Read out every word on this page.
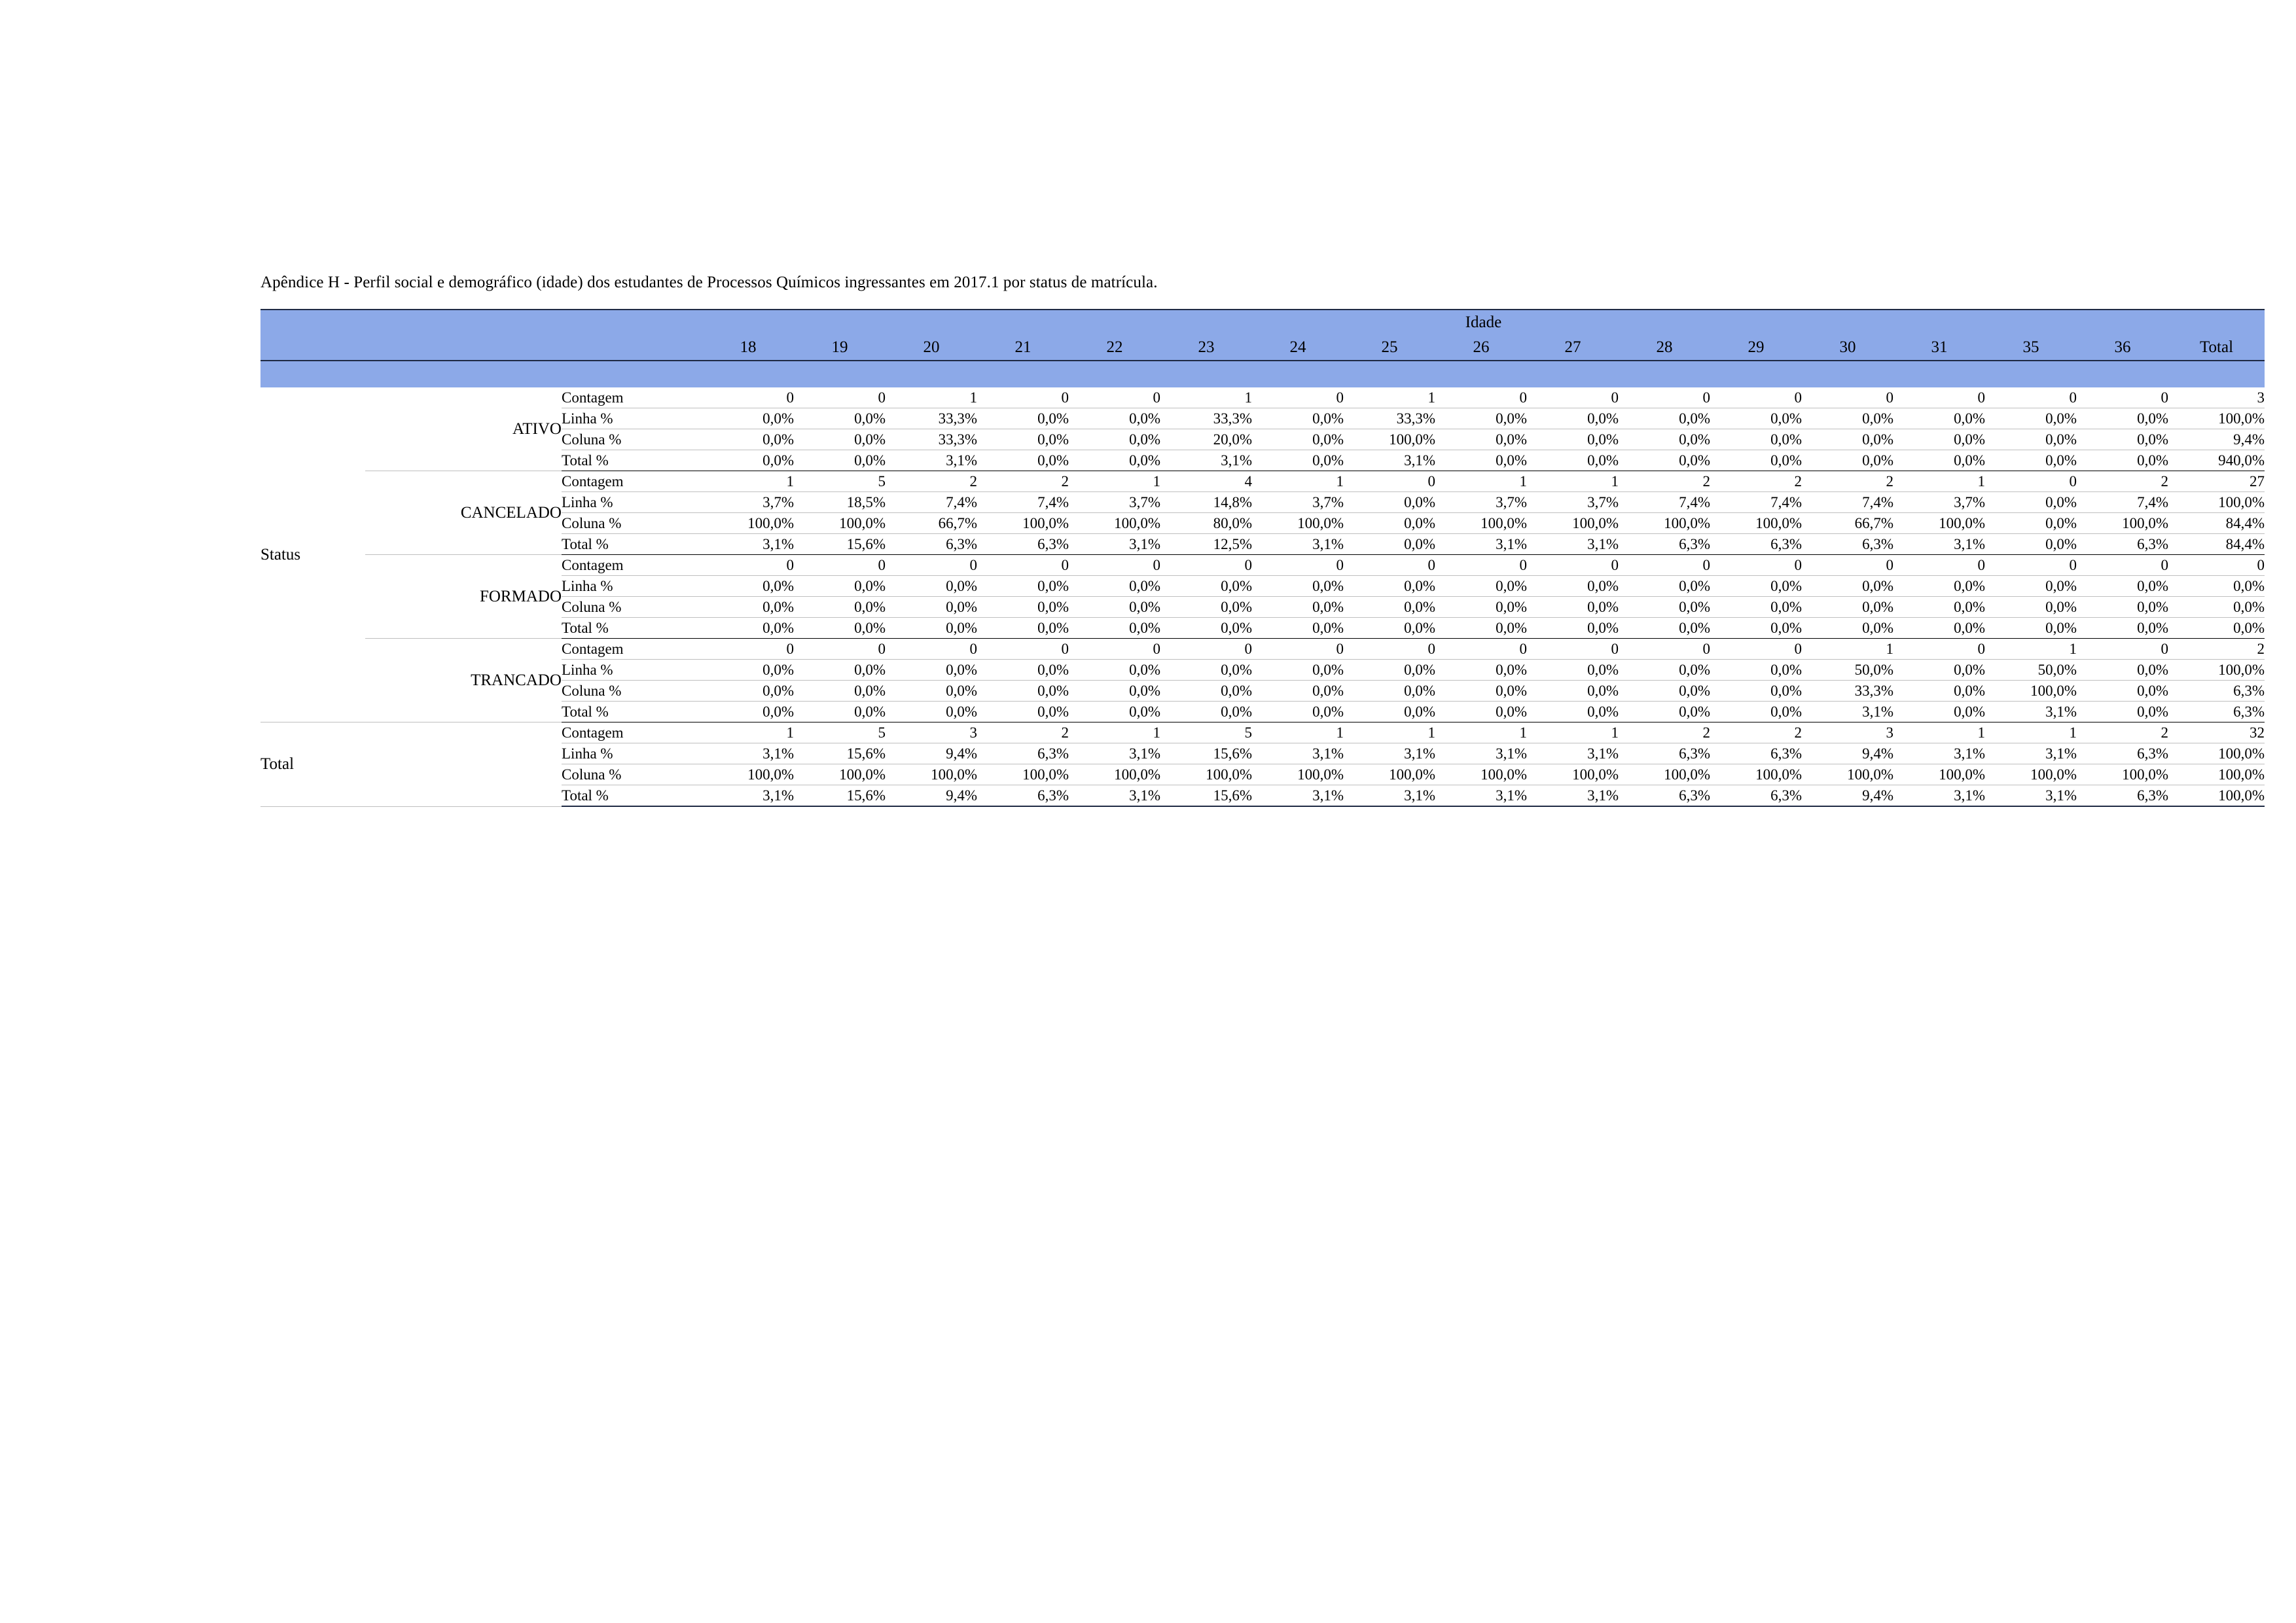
Apêndice H - Perfil social e demográfico (idade) dos estudantes de Processos Químicos ingressantes em 2017.1 por status de matrícula.
			Idade																
			18	19	20	21	22	23	24	25	26	27	28	29	30	31	35	36	Total

Status	ATIVO	Contagem	0	0	1	0	0	1	0	1	0	0	0	0	0	0	0	0	3
		Linha %	0,0%	0,0%	33,3%	0,0%	0,0%	33,3%	0,0%	33,3%	0,0%	0,0%	0,0%	0,0%	0,0%	0,0%	0,0%	0,0%	100,0%
		Coluna %	0,0%	0,0%	33,3%	0,0%	0,0%	20,0%	0,0%	100,0%	0,0%	0,0%	0,0%	0,0%	0,0%	0,0%	0,0%	0,0%	9,4%
		Total %	0,0%	0,0%	3,1%	0,0%	0,0%	3,1%	0,0%	3,1%	0,0%	0,0%	0,0%	0,0%	0,0%	0,0%	0,0%	0,0%	940,0%
	CANCELADO	Contagem	1	5	2	2	1	4	1	0	1	1	2	2	2	1	0	2	27
		Linha %	3,7%	18,5%	7,4%	7,4%	3,7%	14,8%	3,7%	0,0%	3,7%	3,7%	7,4%	7,4%	7,4%	3,7%	0,0%	7,4%	100,0%
		Coluna %	100,0%	100,0%	66,7%	100,0%	100,0%	80,0%	100,0%	0,0%	100,0%	100,0%	100,0%	100,0%	66,7%	100,0%	0,0%	100,0%	84,4%
		Total %	3,1%	15,6%	6,3%	6,3%	3,1%	12,5%	3,1%	0,0%	3,1%	3,1%	6,3%	6,3%	6,3%	3,1%	0,0%	6,3%	84,4%
	FORMADO	Contagem	0	0	0	0	0	0	0	0	0	0	0	0	0	0	0	0	0
		Linha %	0,0%	0,0%	0,0%	0,0%	0,0%	0,0%	0,0%	0,0%	0,0%	0,0%	0,0%	0,0%	0,0%	0,0%	0,0%	0,0%	0,0%
		Coluna %	0,0%	0,0%	0,0%	0,0%	0,0%	0,0%	0,0%	0,0%	0,0%	0,0%	0,0%	0,0%	0,0%	0,0%	0,0%	0,0%	0,0%
		Total %	0,0%	0,0%	0,0%	0,0%	0,0%	0,0%	0,0%	0,0%	0,0%	0,0%	0,0%	0,0%	0,0%	0,0%	0,0%	0,0%	0,0%
	TRANCADO	Contagem	0	0	0	0	0	0	0	0	0	0	0	0	1	0	1	0	2
		Linha %	0,0%	0,0%	0,0%	0,0%	0,0%	0,0%	0,0%	0,0%	0,0%	0,0%	0,0%	0,0%	50,0%	0,0%	50,0%	0,0%	100,0%
		Coluna %	0,0%	0,0%	0,0%	0,0%	0,0%	0,0%	0,0%	0,0%	0,0%	0,0%	0,0%	0,0%	33,3%	0,0%	100,0%	0,0%	6,3%
		Total %	0,0%	0,0%	0,0%	0,0%	0,0%	0,0%	0,0%	0,0%	0,0%	0,0%	0,0%	0,0%	3,1%	0,0%	3,1%	0,0%	6,3%
Total		Contagem	1	5	3	2	1	5	1	1	1	1	2	2	3	1	1	2	32
		Linha %	3,1%	15,6%	9,4%	6,3%	3,1%	15,6%	3,1%	3,1%	3,1%	3,1%	6,3%	6,3%	9,4%	3,1%	3,1%	6,3%	100,0%
		Coluna %	100,0%	100,0%	100,0%	100,0%	100,0%	100,0%	100,0%	100,0%	100,0%	100,0%	100,0%	100,0%	100,0%	100,0%	100,0%	100,0%	100,0%
		Total %	3,1%	15,6%	9,4%	6,3%	3,1%	15,6%	3,1%	3,1%	3,1%	3,1%	6,3%	6,3%	9,4%	3,1%	3,1%	6,3%	100,0%
